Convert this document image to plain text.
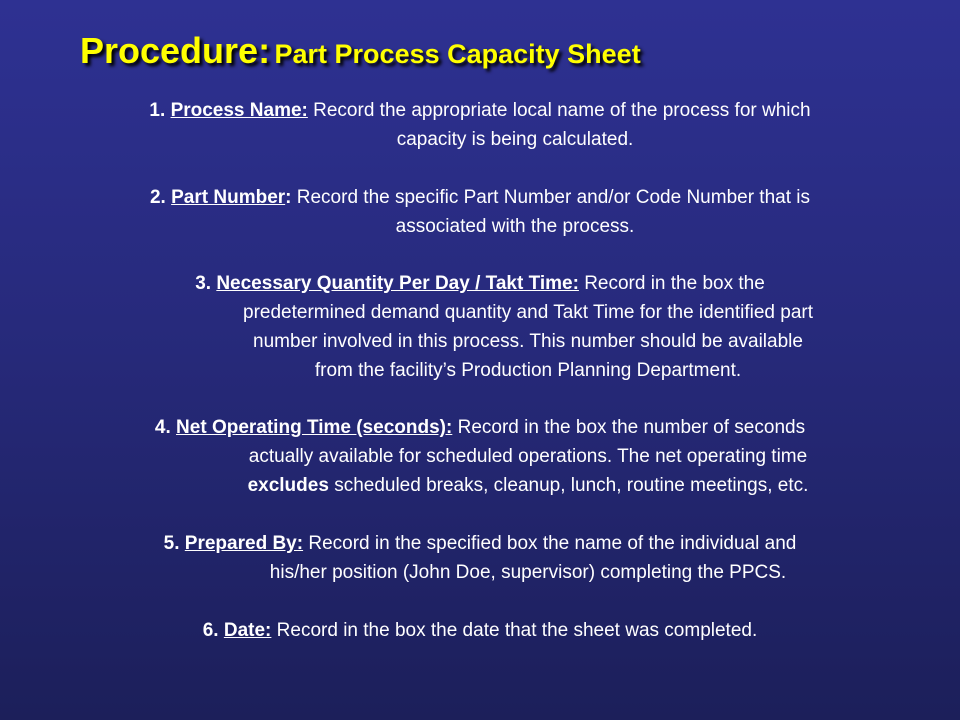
Procedure: Part Process Capacity Sheet
1. Process Name: Record the appropriate local name of the process for which
capacity is being calculated.
2. Part Number: Record the specific Part Number and/or Code Number that is
associated with the process.
3. Necessary Quantity Per Day / Takt Time: Record in the box the
predetermined demand quantity and Takt Time for the identified part
number involved in this process. This number should be available
from the facility’s Production Planning Department.
4. Net Operating Time (seconds): Record in the box the number of seconds
actually available for scheduled operations. The net operating time
excludes scheduled breaks, cleanup, lunch, routine meetings, etc.
5. Prepared By: Record in the specified box the name of the individual and
his/her position (John Doe, supervisor) completing the PPCS.
6. Date: Record in the box the date that the sheet was completed.
